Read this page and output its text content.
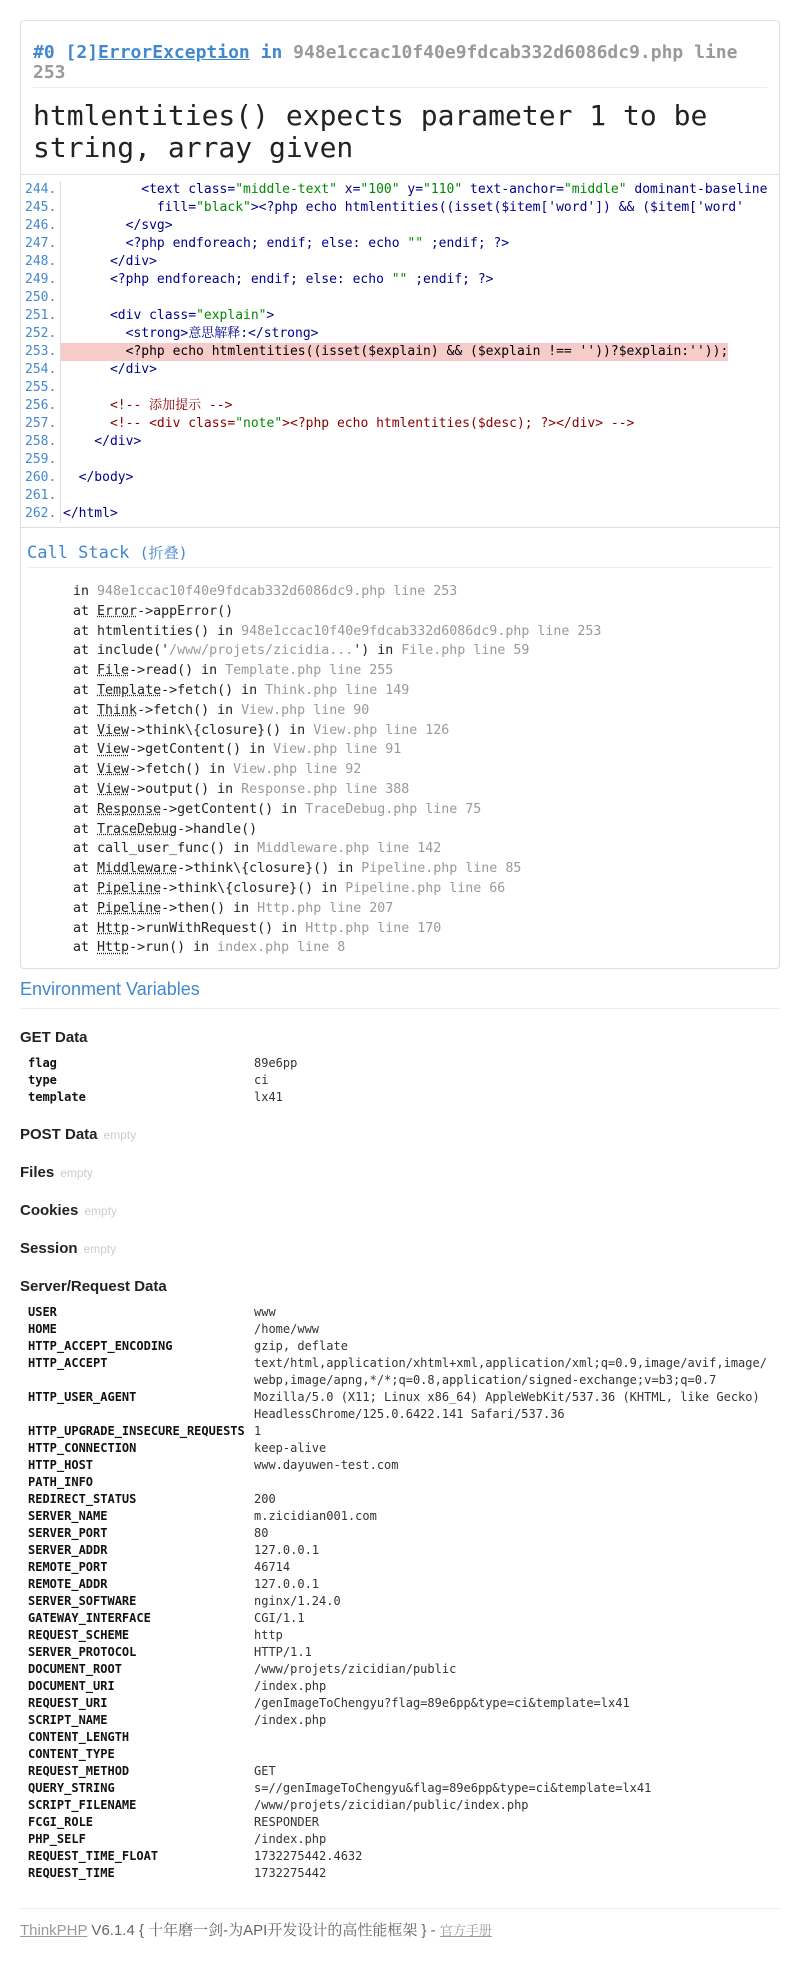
#0 [2]ErrorException in 948e1ccac10f40e9fdcab332d6086dc9.php line 253
htmlentities() expects parameter 1 to be string, array given
244. <text class="middle-text" x="100" y="110" text-anchor="middle" dominant-baseline
245. fill="black"><?php echo htmlentities((isset($item['word']) && ($item['word'
246. </svg>
247. <?php endforeach; endif; else: echo "" ;endif; ?>
248. </div>
249. <?php endforeach; endif; else: echo "" ;endif; ?>
250.
251. <div class="explain">
252. <strong>意思解释:</strong>
253. <?php echo htmlentities((isset($explain) && ($explain !== ''))?$explain:''));
254. </div>
255.
256.	<!-- 添加提示 -->
257.	<!-- <div class="note"><?php echo htmlentities($desc); ?></div> -->
258. </div>
259.
260. </body>
261.
262. </html>
Call Stack (折叠)
1. in 948e1ccac10f40e9fdcab332d6086dc9.php line 253
2. at Error->appError()
3. at htmlentities() in 948e1ccac10f40e9fdcab332d6086dc9.php line 253
4. at include('/www/projets/zicidia...') in File.php line 59
5. at File->read() in Template.php line 255
6. at Template->fetch() in Think.php line 149
7. at Think->fetch() in View.php line 90
8. at View->think\{closure}() in View.php line 126
9. at View->getContent() in View.php line 91
10. at View->fetch() in View.php line 92
11. at View->output() in Response.php line 388
12. at Response->getContent() in TraceDebug.php line 75
13. at TraceDebug->handle()
14. at call_user_func() in Middleware.php line 142
15. at Middleware->think\{closure}() in Pipeline.php line 85
16. at Pipeline->think\{closure}() in Pipeline.php line 66
17. at Pipeline->then() in Http.php line 207
18. at Http->runWithRequest() in Http.php line 170
19. at Http->run() in index.php line 8
Environment Variables
GET Data
flag	89e6pp
type	ci
template	lx41
POST Data empty
Files empty
Cookies empty
Session empty
Server/Request Data
USER	www
HOME	/home/www
HTTP_ACCEPT_ENCODING	gzip, deflate
HTTP_ACCEPT	text/html,application/xhtml+xml,application/xml;q=0.9,image/avif,image/webp,image/apng,*/*;q=0.8,application/signed-exchange;v=b3;q=0.7
HTTP_USER_AGENT	Mozilla/5.0 (X11; Linux x86_64) AppleWebKit/537.36 (KHTML, like Gecko) HeadlessChrome/125.0.6422.141 Safari/537.36
HTTP_UPGRADE_INSECURE_REQUESTS 1
HTTP_CONNECTION	keep-alive
HTTP_HOST	www.dayuwen-test.com
PATH_INFO
REDIRECT_STATUS	200
SERVER_NAME	m.zicidian001.com
SERVER_PORT	80
SERVER_ADDR	127.0.0.1
REMOTE_PORT	46714
REMOTE_ADDR	127.0.0.1
SERVER_SOFTWARE	nginx/1.24.0
GATEWAY_INTERFACE	CGI/1.1
REQUEST_SCHEME	http
SERVER_PROTOCOL	HTTP/1.1
DOCUMENT_ROOT	/www/projets/zicidian/public
DOCUMENT_URI	/index.php
REQUEST_URI	/genImageToChengyu?flag=89e6pp&type=ci&template=lx41
SCRIPT_NAME	/index.php
CONTENT_LENGTH
CONTENT_TYPE
REQUEST_METHOD	GET
QUERY_STRING	s=//genImageToChengyu&flag=89e6pp&type=ci&template=lx41
SCRIPT_FILENAME	/www/projets/zicidian/public/index.php
FCGI_ROLE	RESPONDER
PHP_SELF	/index.php
REQUEST_TIME_FLOAT	1732275442.4632
REQUEST_TIME	1732275442
ThinkPHP V6.1.4 { 十年磨一剑-为API开发设计的高性能框架 } - 官方手册
